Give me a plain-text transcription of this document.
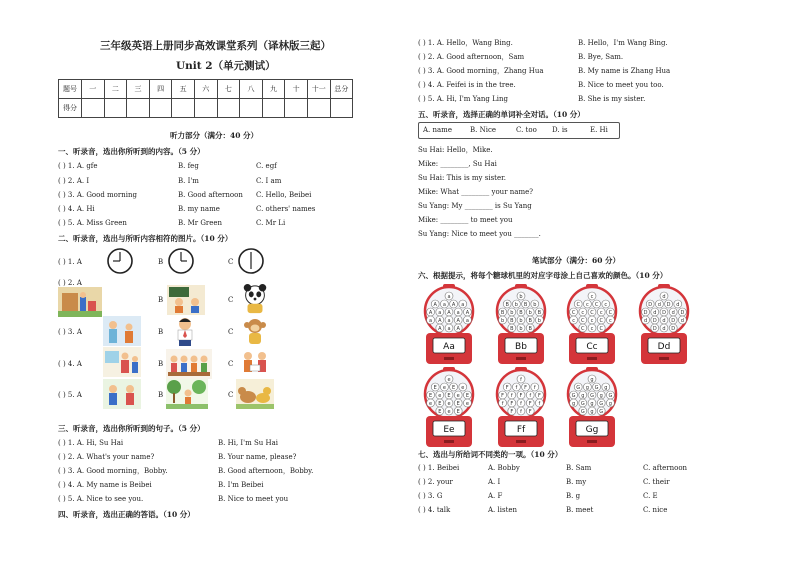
三年级英语上册同步高效课堂系列（译林版三起）
Unit 2（单元测试）
题号	一	二	三	四	五	六	七	八	九	十	十一	总分
得分												
听力部分（满分：40 分）
一、听录音，选出你所听到的内容。（5 分）
( ) 1. A. gfe	B. feg	C. egf
( ) 2. A. I	B. I'm	C. I am
( ) 3. A. Good morning	B. Good afternoon C. Hello, Beibei
( ) 4. A. Hi	B. my name	C. others' names
( ) 5. A. Miss Green	B. Mr Green	C. Mr Li
二、听录音，选出与所听内容相符的图片。（10 分）
( ) 1. A	B	C
( ) 2. A
B	C
( ) 3. A	B	C
( ) 4. A	B	C
( ) 5. A	B	C
三、听录音，选出你所听到的句子。（5 分）
( ) 1. A. Hi, Su Hai	B. Hi, I'm Su Hai
( ) 2. A. What's your name?	B. Your name, please?
( ) 3. A. Good morning，Bobby.	B. Good afternoon，Bobby.
( ) 4. A. My name is Beibei	B. I'm Beibei
( ) 5. A. Nice to see you.	B. Nice to meet you
四、听录音，选出正确的答语。（10 分）
( ) 1. A. Hello，Wang Bing.	B. Hello，I'm Wang Bing.
( ) 2. A. Good afternoon，Sam	B. Bye, Sam.
( ) 3. A. Good morning，Zhang Hua	B. My name is Zhang Hua
( ) 4. A. Feifei is in the tree.	B. Nice to meet you too.
( ) 5. A. Hi, I'm Yang Ling	B. She is my sister.
五、听录音，选择正确的单词补全对话。（10 分）
A. name	B. Nice	C. too D. is	E. Hi
Su Hai: Hello，Mike.
Mike: ________, Su Hai
Su Hai: This is my sister.
Mike: What ________ your name?
Su Yang: My ________ is Su Yang
Mike: ________ to meet you
Su Yang: Nice to meet you _______.
笔试部分（满分：60 分）
六、根据提示，将每个糖球机里的对应字母涂上自己喜欢的颜色。（10 分）
a
A a A a
A a A a A
a A a A a
A a A
Aa
b
B b B b
B b B b B
b B b B b
B b B
Bb
c
C c C c
C c C c C
c C c C c
C c C
Cc
d
D d D d
D d D d D
d D d D d
D d D
Dd
e
E e E e
E e E e E
e E e E e
E e E
Ee
f
F f F f
F f F f F
f F f F f
F f F
Ff
g
G g G g
G g G g G
g G g G g
G g G
Gg
七、选出与所给词不同类的一项。（10 分）
( ) 1. Beibei	A. Bobby	B. Sam	C. afternoon
( ) 2. your	A. I	B. my	C. their
( ) 3. G	A. F	B. g	C. E
( ) 4. talk	A. listen	B. meet	C. nice
